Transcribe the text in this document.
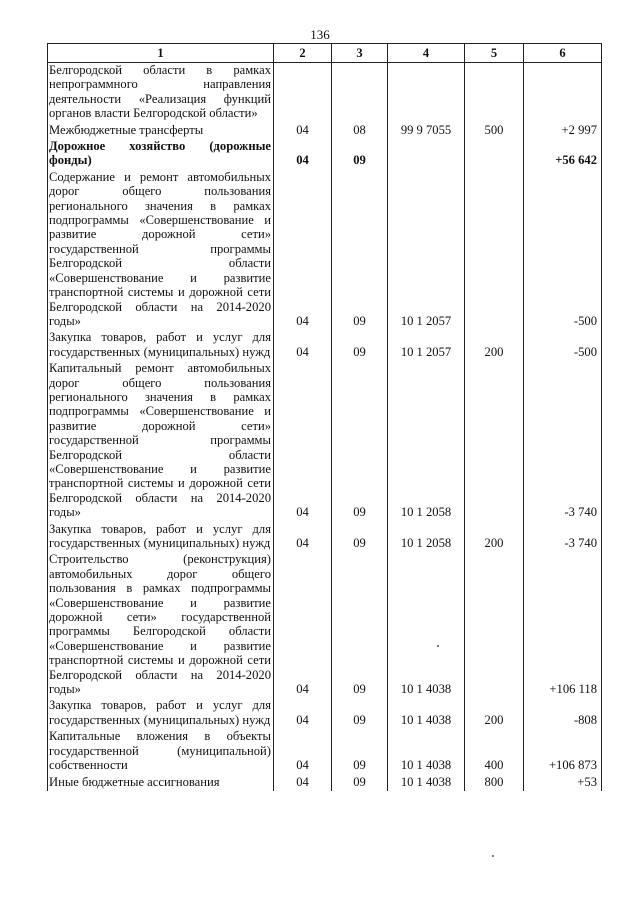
136
1	2	3	4	5	6
Белгородской области в рамках непрограммного направления деятельности «Реализация функций органов власти Белгородской области»					
Межбюджетные трансферты	04	08	99 9 7055	500	+2 997
Дорожное хозяйство (дорожные фонды)	04	09			+56 642
Содержание и ремонт автомобильных дорог общего пользования регионального значения в рамках подпрограммы «Совершенствование и развитие дорожной сети» государственной программы Белгородской области «Совершенствование и развитие транспортной системы и дорожной сети Белгородской области на 2014-2020 годы»	04	09	10 1 2057		-500
Закупка товаров, работ и услуг для государственных (муниципальных) нужд	04	09	10 1 2057	200	-500
Капитальный ремонт автомобильных дорог общего пользования регионального значения в рамках подпрограммы «Совершенствование и развитие дорожной сети» государственной программы Белгородской области «Совершенствование и развитие транспортной системы и дорожной сети Белгородской области на 2014-2020 годы»	04	09	10 1 2058		-3 740
Закупка товаров, работ и услуг для государственных (муниципальных) нужд	04	09	10 1 2058	200	-3 740
Строительство (реконструкция) автомобильных дорог общего пользования в рамках подпрограммы «Совершенствование и развитие дорожной сети» государственной программы Белгородской области «Совершенствование и развитие транспортной системы и дорожной сети Белгородской области на 2014-2020 годы»	04	09	10 1 4038		+106 118
Закупка товаров, работ и услуг для государственных (муниципальных) нужд	04	09	10 1 4038	200	-808
Капитальные вложения в объекты государственной (муниципальной) собственности	04	09	10 1 4038	400	+106 873
Иные бюджетные ассигнования	04	09	10 1 4038	800	+53
